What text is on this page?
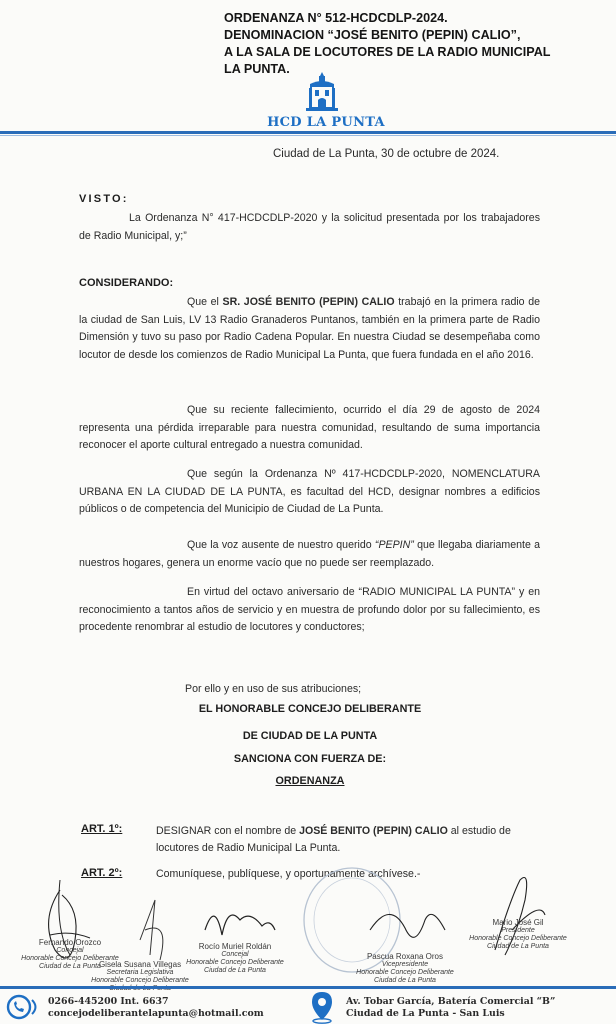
ORDENANZA N° 512-HCDCDLP-2024.
DENOMINACION “JOSÉ BENITO (PEPIN) CALIO”,
A LA SALA DE LOCUTORES DE LA RADIO MUNICIPAL
LA PUNTA.
HCD LA PUNTA
Ciudad de La Punta, 30 de octubre de 2024.
VISTO:
La Ordenanza N° 417-HCDCDLP-2020 y la solicitud presentada por los trabajadores de Radio Municipal, y;”
CONSIDERANDO:
Que el SR. JOSÉ BENITO (PEPIN) CALIO trabajó en la primera radio de la ciudad de San Luis, LV 13 Radio Granaderos Puntanos, también en la primera parte de Radio Dimensión y tuvo su paso por Radio Cadena Popular. En nuestra Ciudad se desempeñaba como locutor de desde los comienzos de Radio Municipal La Punta, que fuera fundada en el año 2016.
Que su reciente fallecimiento, ocurrido el día 29 de agosto de 2024 representa una pérdida irreparable para nuestra comunidad, resultando de suma importancia reconocer el aporte cultural entregado a nuestra comunidad.
Que según la Ordenanza Nº 417-HCDCDLP-2020, NOMENCLATURA URBANA EN LA CIUDAD DE LA PUNTA, es facultad del HCD, designar nombres a edificios públicos o de competencia del Municipio de Ciudad de La Punta.
Que la voz ausente de nuestro querido “PEPIN” que llegaba diariamente a nuestros hogares, genera un enorme vacío que no puede ser reemplazado.
En virtud del octavo aniversario de “RADIO MUNICIPAL LA PUNTA” y en reconocimiento a tantos años de servicio y en muestra de profundo dolor por su fallecimiento, es procedente renombrar al estudio de locutores y conductores;
Por ello y en uso de sus atribuciones;
EL HONORABLE CONCEJO DELIBERANTE
DE CIUDAD DE LA PUNTA
SANCIONA CON FUERZA DE:
ORDENANZA
ART. 1º:	DESIGNAR con el nombre de JOSÉ BENITO (PEPIN) CALIO al estudio de locutores de Radio Municipal La Punta.
ART. 2º:	Comuníquese, publíquese, y oportunamente archívese.-
Fernando Orozco
Concejal
Honorable Concejo Deliberante
Ciudad de La Punta
Gisela Susana Villegas
Secretaria Legislativa
Honorable Concejo Deliberante
Rocío Muriel Roldán
Concejal
Honorable Concejo Deliberante
Ciudad de La Punta
Pascua Roxana Oros
Vicepresidente
Honorable Concejo Deliberante
Ciudad de La Punta
Mario José Gil
Presidente
Honorable Concejo Deliberante
Ciudad de La Punta
0266-445200 Int. 6637
concejodeliberantelapunta@hotmail.com
Av. Tobar García, Batería Comercial “B”
Ciudad de La Punta - San Luis
